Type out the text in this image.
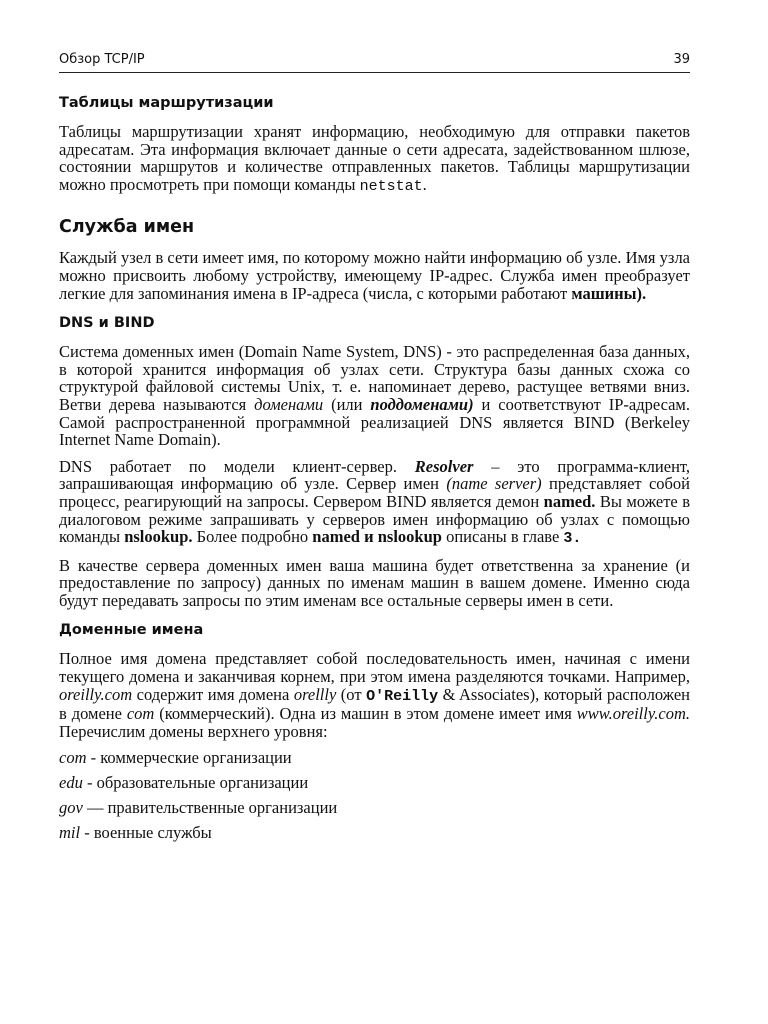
Обзор TCP/IP	39
Таблицы маршрутизации

Таблицы маршрутизации хранят информацию, необходимую для отправки пакетов адресатам. Эта информация включает данные о сети адресата, задействованном шлюзе, состоянии маршрутов и количестве отправленных пакетов. Таблицы маршрутизации можно просмотреть при помощи команды netstat.

Служба имен

Каждый узел в сети имеет имя, по которому можно найти информацию об узле. Имя узла можно присвоить любому устройству, имеющему IP-адрес. Служба имен преобразует легкие для запоминания имена в IP-адреса (числа, с которыми работают машины).

DNS и BIND

Система доменных имен (Domain Name System, DNS) - это распределенная база данных, в которой хранится информация об узлах сети. Структура базы данных схожа со структурой файловой системы Unix, т. е. напоминает дерево, растущее ветвями вниз. Ветви дерева называются доменами (или поддоменами) и соответствуют IP-адресам. Самой распространенной программной реализацией DNS является BIND (Berkeley Internet Name Domain).

DNS работает по модели клиент-сервер. Resolver – это программа-клиент, запрашивающая информацию об узле. Сервер имен (name server) представляет собой процесс, реагирующий на запросы. Сервером BIND является демон named. Вы можете в диалоговом режиме запрашивать у серверов имен информацию об узлах с помощью команды nslookup. Более подробно named и nslookup описаны в главе 3.

В качестве сервера доменных имен ваша машина будет ответственна за хранение (и предоставление по запросу) данных по именам машин в вашем домене. Именно сюда будут передавать запросы по этим именам все остальные серверы имен в сети.

Доменные имена

Полное имя домена представляет собой последовательность имен, начиная с имени текущего домена и заканчивая корнем, при этом имена разделяются точками. Например, oreilly.com содержит имя домена orellly (от O'Reilly & Associates), который расположен в домене com (коммерческий). Одна из машин в этом домене имеет имя www.oreilly.com. Перечислим домены верхнего уровня:

com - коммерческие организации

edu - образовательные организации

gov — правительственные организации

mil - военные службы
